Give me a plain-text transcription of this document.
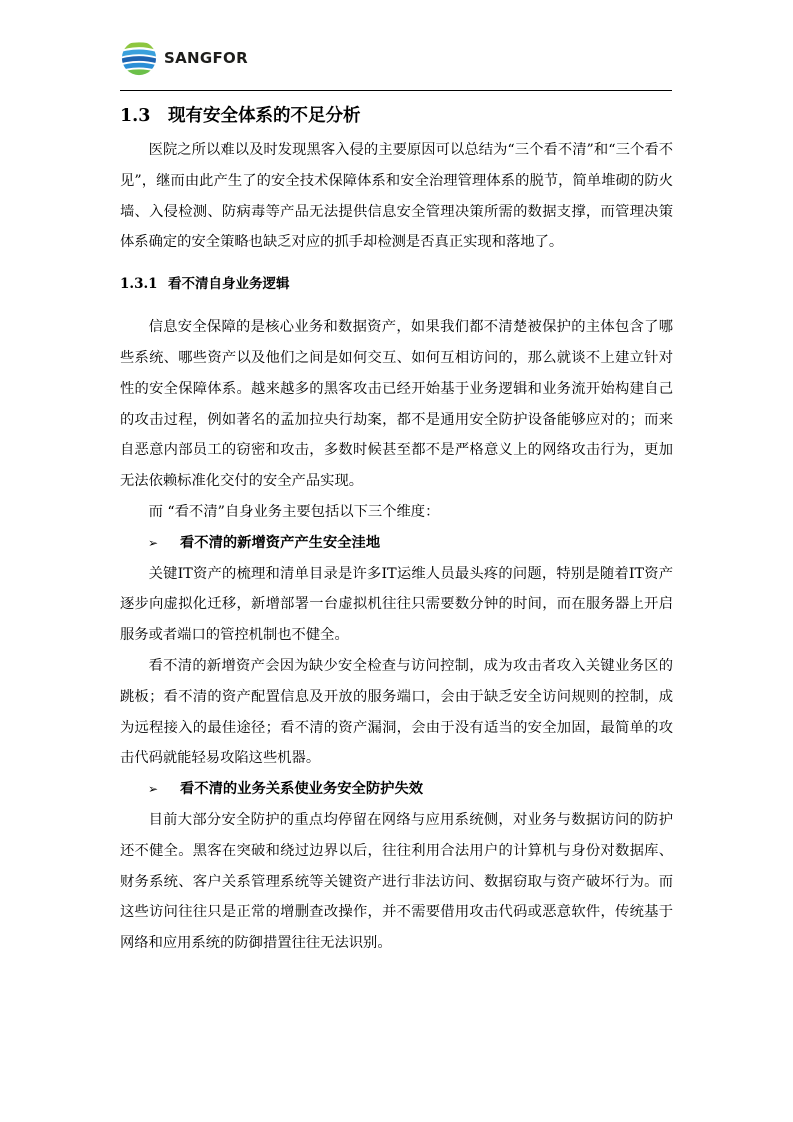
SANGFOR
1.3	现有安全体系的不足分析

医院之所以难以及时发现黑客入侵的主要原因可以总结为“三个看不清”和“三个看不见”，继而由此产生了的安全技术保障体系和安全治理管理体系的脱节，简单堆砌的防火墙、入侵检测、防病毒等产品无法提供信息安全管理决策所需的数据支撑，而管理决策体系确定的安全策略也缺乏对应的抓手却检测是否真正实现和落地了。

1.3.1 看不清自身业务逻辑

信息安全保障的是核心业务和数据资产，如果我们都不清楚被保护的主体包含了哪些系统、哪些资产以及他们之间是如何交互、如何互相访问的，那么就谈不上建立针对性的安全保障体系。越来越多的黑客攻击已经开始基于业务逻辑和业务流开始构建自己的攻击过程，例如著名的孟加拉央行劫案，都不是通用安全防护设备能够应对的；而来自恶意内部员工的窃密和攻击，多数时候甚至都不是严格意义上的网络攻击行为，更加无法依赖标准化交付的安全产品实现。

而 “看不清”自身业务主要包括以下三个维度：

➢	看不清的新增资产产生安全洼地

关键IT资产的梳理和清单目录是许多IT运维人员最头疼的问题，特别是随着IT资产逐步向虚拟化迁移，新增部署一台虚拟机往往只需要数分钟的时间，而在服务器上开启服务或者端口的管控机制也不健全。

看不清的新增资产会因为缺少安全检查与访问控制，成为攻击者攻入关键业务区的跳板；看不清的资产配置信息及开放的服务端口，会由于缺乏安全访问规则的控制，成为远程接入的最佳途径；看不清的资产漏洞，会由于没有适当的安全加固，最简单的攻击代码就能轻易攻陷这些机器。

➢	看不清的业务关系使业务安全防护失效

目前大部分安全防护的重点均停留在网络与应用系统侧，对业务与数据访问的防护还不健全。黑客在突破和绕过边界以后，往往利用合法用户的计算机与身份对数据库、财务系统、客户关系管理系统等关键资产进行非法访问、数据窃取与资产破坏行为。而这些访问往往只是正常的增删查改操作，并不需要借用攻击代码或恶意软件，传统基于网络和应用系统的防御措置往往无法识别。
